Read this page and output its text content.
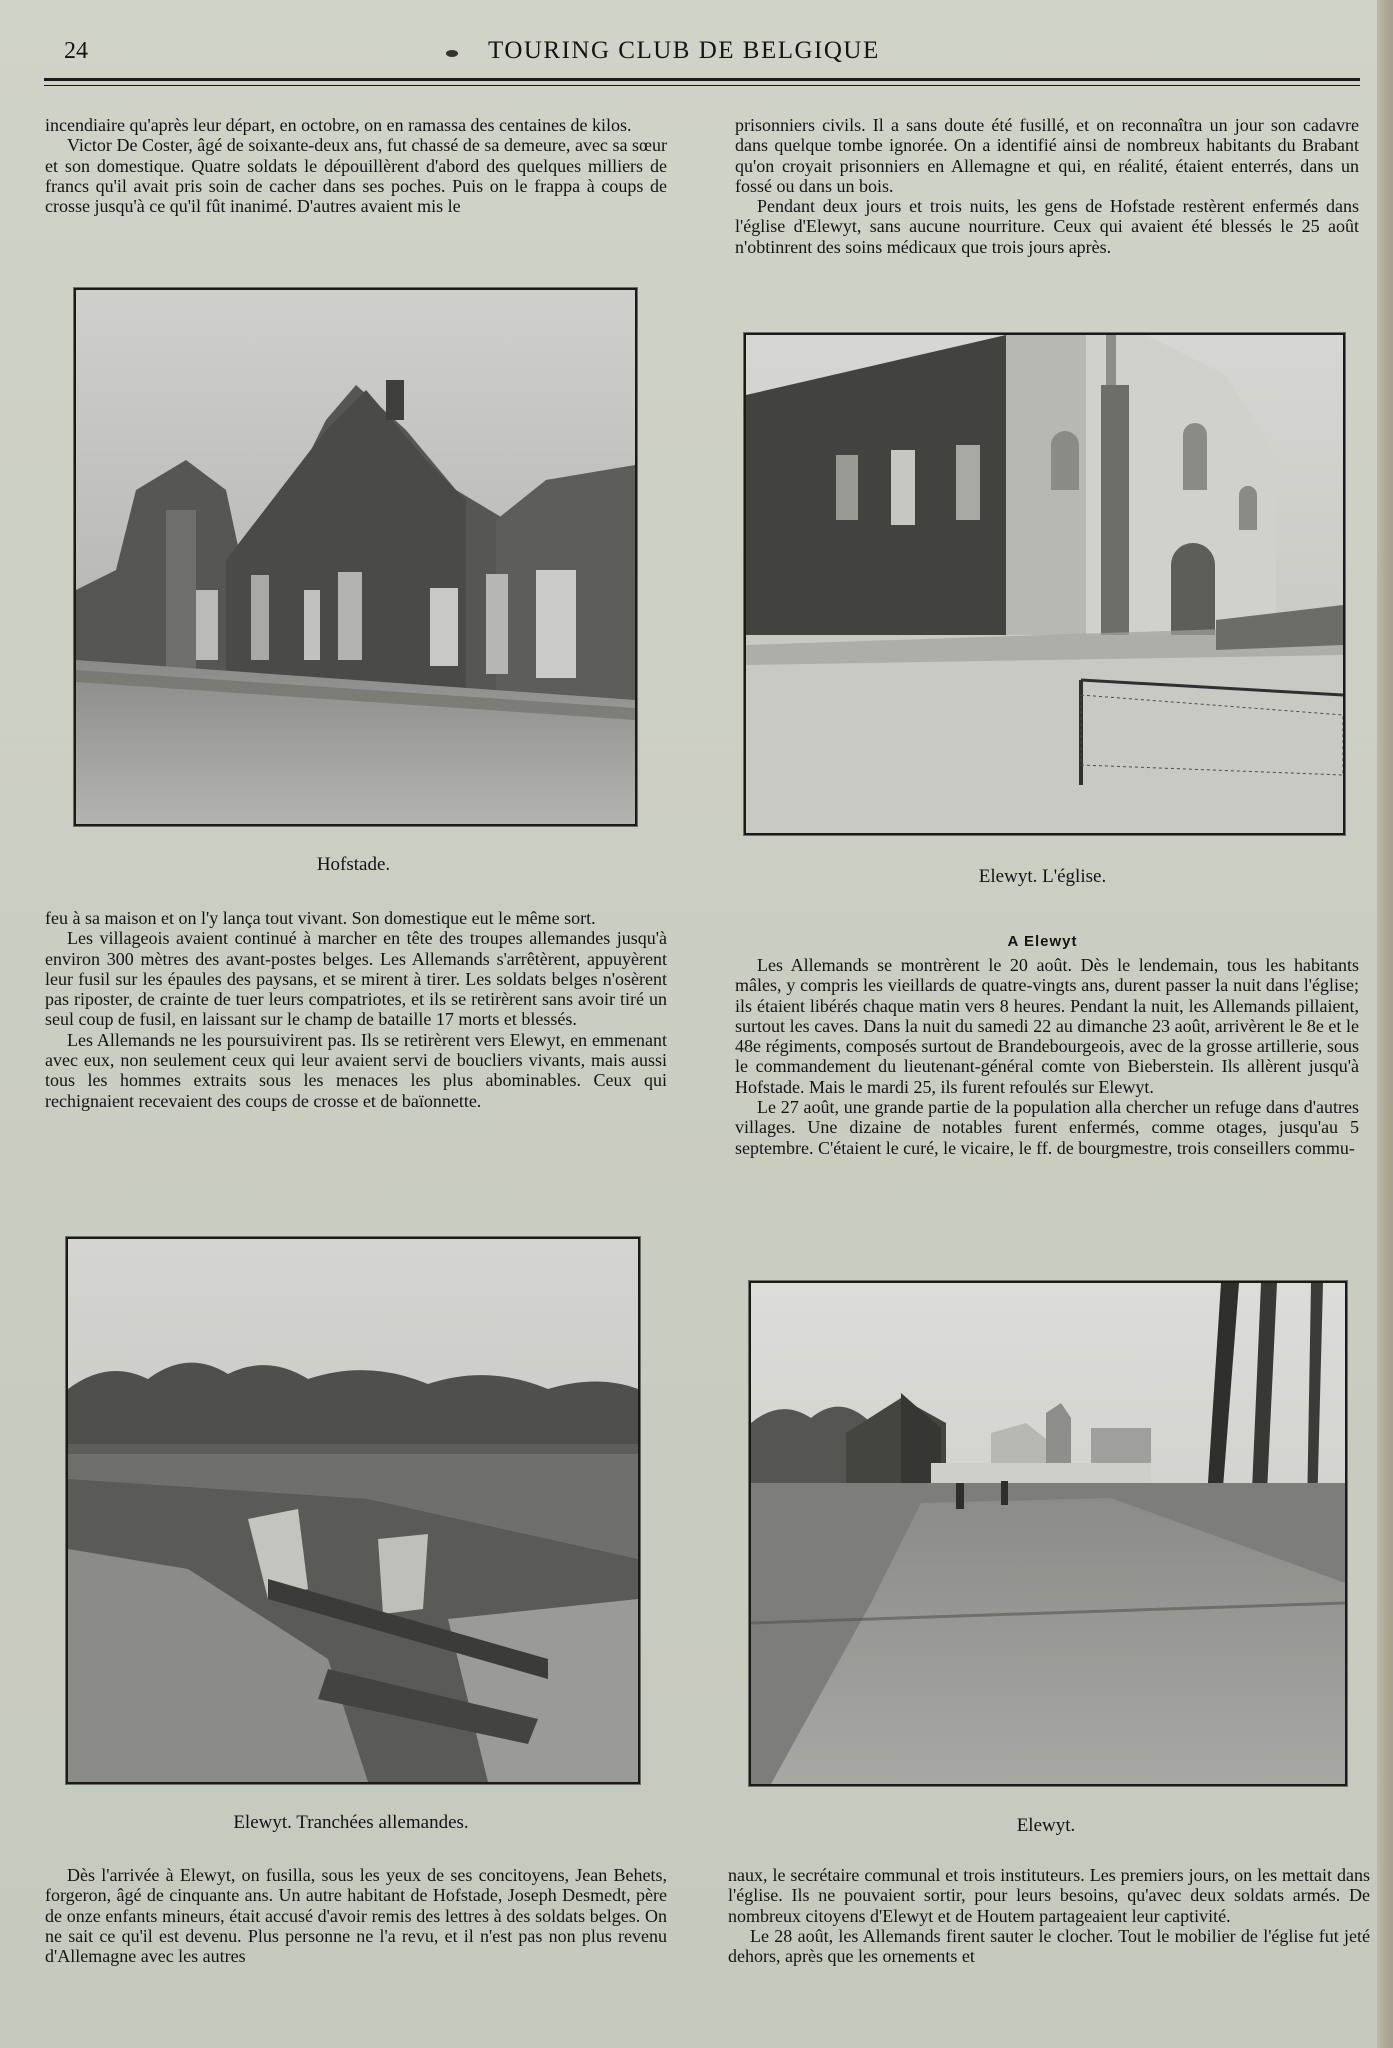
24	TOURING CLUB DE BELGIQUE

incendiaire qu'après leur départ, en octobre, on en ramassa des centaines de kilos.

Victor De Coster, âgé de soixante-deux ans, fut chassé de sa demeure, avec sa sœur et son domestique. Quatre soldats le dépouillèrent d'abord des quelques milliers de francs qu'il avait pris soin de cacher dans ses poches. Puis on le frappa à coups de crosse jusqu'à ce qu'il fût inanimé. D'autres avaient mis le

Hofstade.

feu à sa maison et on l'y lança tout vivant. Son domestique eut le même sort.

Les villageois avaient continué à marcher en tête des troupes allemandes jusqu'à environ 300 mètres des avant-postes belges. Les Allemands s'arrêtèrent, appuyèrent leur fusil sur les épaules des paysans, et se mirent à tirer. Les soldats belges n'osèrent pas riposter, de crainte de tuer leurs compatriotes, et ils se retirèrent sans avoir tiré un seul coup de fusil, en laissant sur le champ de bataille 17 morts et blessés.

Les Allemands ne les poursuivirent pas. Ils se retirèrent vers Elewyt, en emmenant avec eux, non seulement ceux qui leur avaient servi de boucliers vivants, mais aussi tous les hommes extraits sous les menaces les plus abominables. Ceux qui rechignaient recevaient des coups de crosse et de baïonnette.

Elewyt. Tranchées allemandes.

Dès l'arrivée à Elewyt, on fusilla, sous les yeux de ses concitoyens, Jean Behets, forgeron, âgé de cinquante ans. Un autre habitant de Hofstade, Joseph Desmedt, père de onze enfants mineurs, était accusé d'avoir remis des lettres à des soldats belges. On ne sait ce qu'il est devenu. Plus personne ne l'a revu, et il n'est pas non plus revenu d'Allemagne avec les autres

prisonniers civils. Il a sans doute été fusillé, et on reconnaîtra un jour son cadavre dans quelque tombe ignorée. On a identifié ainsi de nombreux habitants du Brabant qu'on croyait prisonniers en Allemagne et qui, en réalité, étaient enterrés, dans un fossé ou dans un bois.

Pendant deux jours et trois nuits, les gens de Hofstade restèrent enfermés dans l'église d'Elewyt, sans aucune nourriture. Ceux qui avaient été blessés le 25 août n'obtinrent des soins médicaux que trois jours après.

Elewyt. L'église.

A Elewyt

Les Allemands se montrèrent le 20 août. Dès le lendemain, tous les habitants mâles, y compris les vieillards de quatre-vingts ans, durent passer la nuit dans l'église; ils étaient libérés chaque matin vers 8 heures. Pendant la nuit, les Allemands pillaient, surtout les caves. Dans la nuit du samedi 22 au dimanche 23 août, arrivèrent le 8e et le 48e régiments, composés surtout de Brandebourgeois, avec de la grosse artillerie, sous le commandement du lieutenant-général comte von Bieberstein. Ils allèrent jusqu'à Hofstade. Mais le mardi 25, ils furent refoulés sur Elewyt.

Le 27 août, une grande partie de la population alla chercher un refuge dans d'autres villages. Une dizaine de notables furent enfermés, comme otages, jusqu'au 5 septembre. C'étaient le curé, le vicaire, le ff. de bourgmestre, trois conseillers commu-

Elewyt.

naux, le secrétaire communal et trois instituteurs. Les premiers jours, on les mettait dans l'église. Ils ne pouvaient sortir, pour leurs besoins, qu'avec deux soldats armés. De nombreux citoyens d'Elewyt et de Houtem partageaient leur captivité.

Le 28 août, les Allemands firent sauter le clocher. Tout le mobilier de l'église fut jeté dehors, après que les ornements et
